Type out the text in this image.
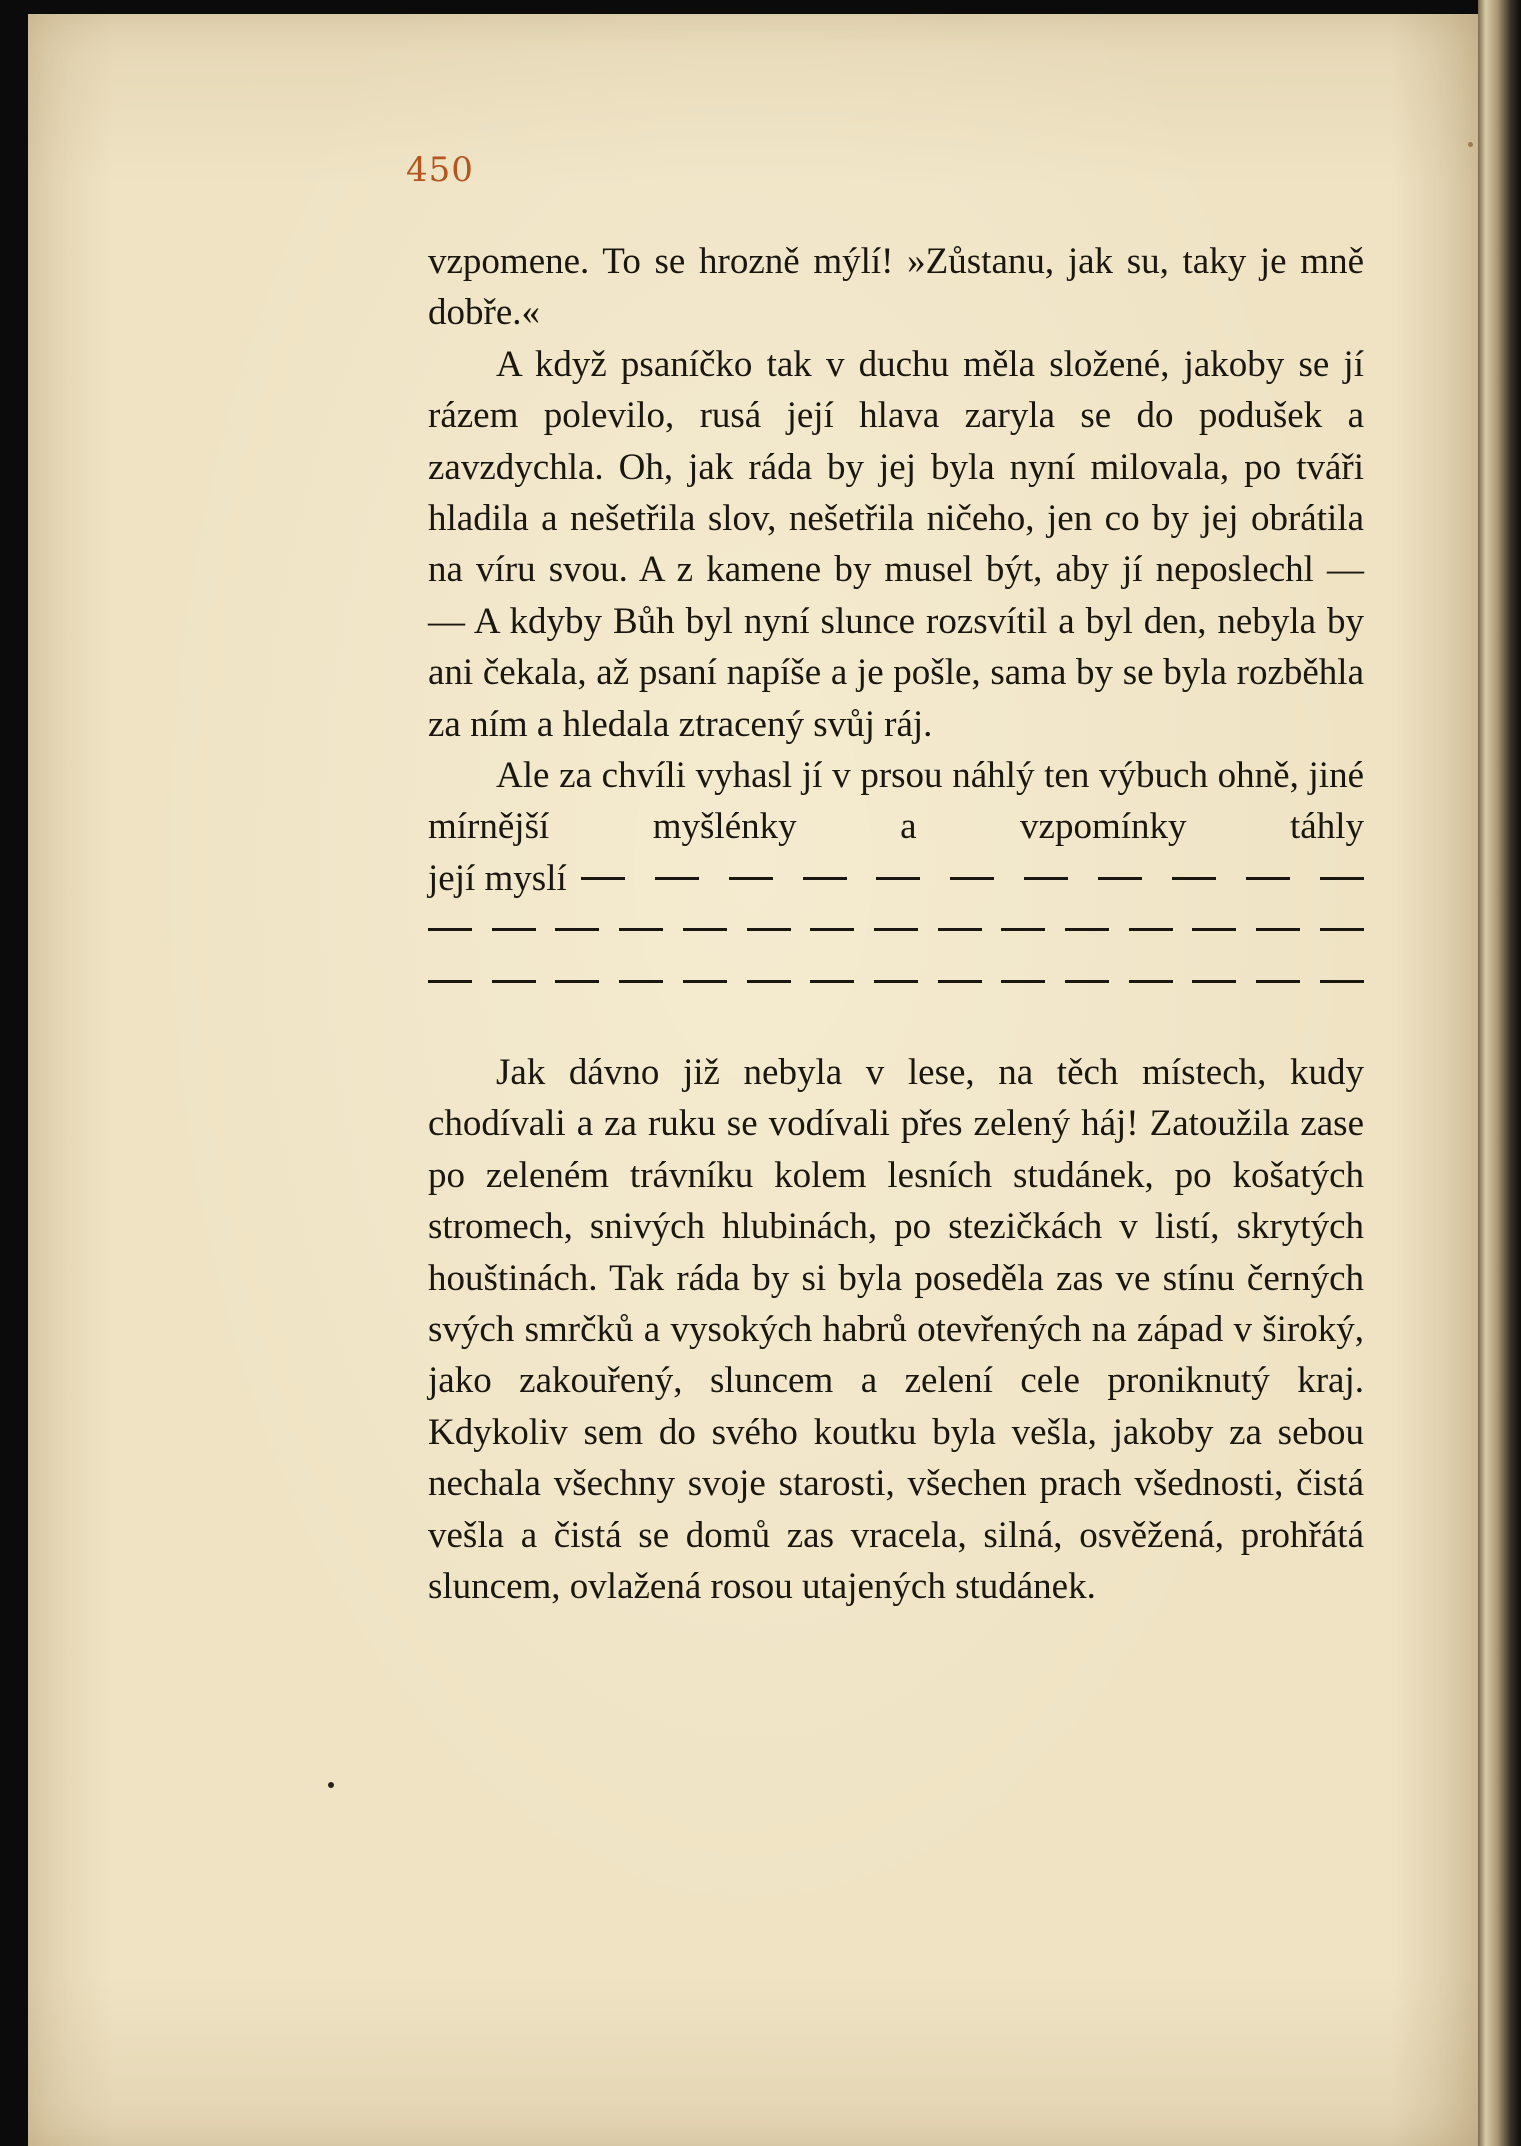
450

vzpomene. To se hrozně mýlí! »Zůstanu, jak su, taky je mně dobře.«

A když psaníčko tak v duchu měla složené, jakoby se jí rázem polevilo, rusá její hlava zaryla se do podušek a zavzdychla. Oh, jak ráda by jej byla nyní milovala, po tváři hladila a nešetřila slov, nešetřila ničeho, jen co by jej obrátila na víru svou. A z kamene by musel být, aby jí neposlechl — — A kdyby Bůh byl nyní slunce rozsvítil a byl den, nebyla by ani čekala, až psaní napíše a je pošle, sama by se byla rozběhla za ním a hledala ztracený svůj ráj.

Ale za chvíli vyhasl jí v prsou náhlý ten výbuch ohně, jiné mírnější myšlénky a vzpomínky táhly

její myslí

Jak dávno již nebyla v lese, na těch místech, kudy chodívali a za ruku se vodívali přes zelený háj! Zatoužila zase po zeleném trávníku kolem lesních studánek, po košatých stromech, snivých hlubinách, po stezičkách v listí, skrytých houštinách. Tak ráda by si byla poseděla zas ve stínu černých svých smrčků a vysokých habrů otevřených na západ v široký, jako zakouřený, sluncem a zelení cele proniknutý kraj. Kdykoliv sem do svého koutku byla vešla, jakoby za sebou nechala všechny svoje starosti, všechen prach všednosti, čistá vešla a čistá se domů zas vracela, silná, osvěžená, prohřátá sluncem, ovlažená rosou utajených studánek.
